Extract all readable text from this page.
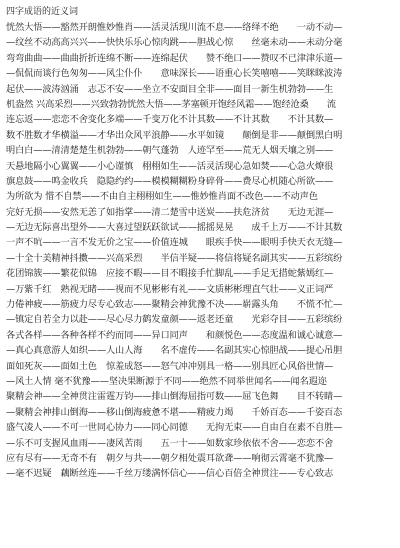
四字成语的近义词
恍然大悟——豁然开朗惟妙惟肖——活灵活现川流不息——络绎不绝　　一动不动—
—纹丝不动高高兴兴——快快乐乐心惊肉跳——胆战心惊　　丝毫未动——未动分毫
弯弯曲曲——曲曲折折连绵不断——连绵起伏　　赞不绝口——赞叹不已津津乐道—
—侃侃而谈行色匆匆——风尘仆仆　　意味深长——语重心长笑嘻嘻——笑眯眯波涛
起伏——波涛汹涌　志忑不安——坐立不安面目全非——面目一新生机勃勃——生
机盎然 兴高采烈——兴致勃勃恍然大悟——茅塞顿开饱经风霜——饱经沧桑　　流
连忘返——恋恋不舍变化多端——千变万化不计其数——不计其数　　不计其数—
数不胜数才华横溢——才华出众风平浪静——水平如镜　　颠倒是非——颠倒黑白明
明白白——清清楚楚生机勃勃——朝气蓬勃　人迹罕至——荒无人烟天壤之别——
天悬地隔小心翼翼——小心谨慎　栩栩如生——活灵活现心急如焚——心急火燎很
旗息鼓——鸣金收兵　隐隐约约——模模糊糊粉身碎骨——费尽心机随心所欲——
为所欲为 惜不自禁——不由自主栩栩如生——惟妙惟肖面不改色——不动声色
完好无损——安然无恙了如指掌——清二楚雪中送炭——扶危济贫　　无边无涯—
—无边无际喜出望外——大喜过望跃跃欲试——摇摇晃晃　　成千上万——不计其数
一声不吭——一言不发无价之宝——价值连城　　眼疾手快——眼明手快天衣无缝—
—十全十美精神抖擞——兴高采烈　　半信半疑——将信将疑名副其实——五彩缤纷
花团锦簇——繁花似锦　应接不暇——目不暇接手忙脚乱——手足无措蛇紫嫣红—
—万紫千红　熟视无睹——视而不见彬彬有礼——文质彬彬理直气壮——义正词严
力倦神疲——筋疲力尽专心致志——聚精会神犹豫不决——崭露头角　　不慌不忙—
—镇定自若全力以赴——尽心尽力鹤发童颜——返老还童　　光彩夺目——五彩缤纷
各式各样——各种各样不约而同——异口同声　　和颜悦色——态度温和诚心诚意—
—真心真意游人如织——人山人海　　名不虚传——名副其实心惊胆战——提心吊胆
面如死灰——面如土色　惊羞成怒——怒气冲冲别具一格——别具匠心风俗世情—
—风土人情 毫不犹豫——坚决果断源于不同——绝然不同举世闻名——闻名遐迩
聚精会神——全神贯注雷霆万钧——排山倒海屈指可数——屈飞色舞　　目不转睛—
—聚精会神排山倒海——移山倒海疲惫不堪——精疲力竭　　千娇百态——千姿百态
盛气凌人——不可一世同心协力——同心同德　　无拘无束——自由自在素不自胜—
—乐不可支握风血雨——凄风苦雨　　五一十——如数家珍依依不舍——恋恋不舍
应有尽有——无奇不有　朝夕与共——朝夕相处震耳欲聋——响彻云霄毫不犹豫—
—毫不迟疑　藕断丝连——千丝万缕满怀信心——信心百倍全神贯注——专心致志
